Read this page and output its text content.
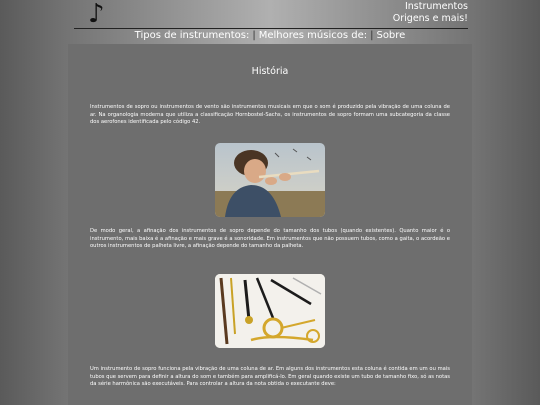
♪	Instrumentos
Origens e mais!
Tipos de instrumentos: | Melhores músicos de: | Sobre
História
Instrumentos de sopro ou instrumentos de vento são instrumentos musicais em que o som é produzido pela vibração de uma coluna de ar. Na organologia moderna que utiliza a classificação Hornbostel-Sachs, os instrumentos de sopro formam uma subcategoria da classe dos aerofones identificada pelo código 42.
De modo geral, a afinação dos instrumentos de sopro depende do tamanho dos tubos (quando existentes). Quanto maior é o instrumento, mais baixa é a afinação e mais grave é a sonoridade. Em instrumentos que não possuem tubos, como a gaita, o acordeão e outros instrumentos de palheta livre, a afinação depende do tamanho da palheta.
Um instrumento de sopro funciona pela vibração de uma coluna de ar. Em alguns dos instrumentos esta coluna é contida em um ou mais tubos que servem para definir a altura do som e também para amplificá-lo. Em geral quando existe um tubo de tamanho fixo, só as notas da série harmônica são executáveis. Para controlar a altura da nota obtida o executante deve:
